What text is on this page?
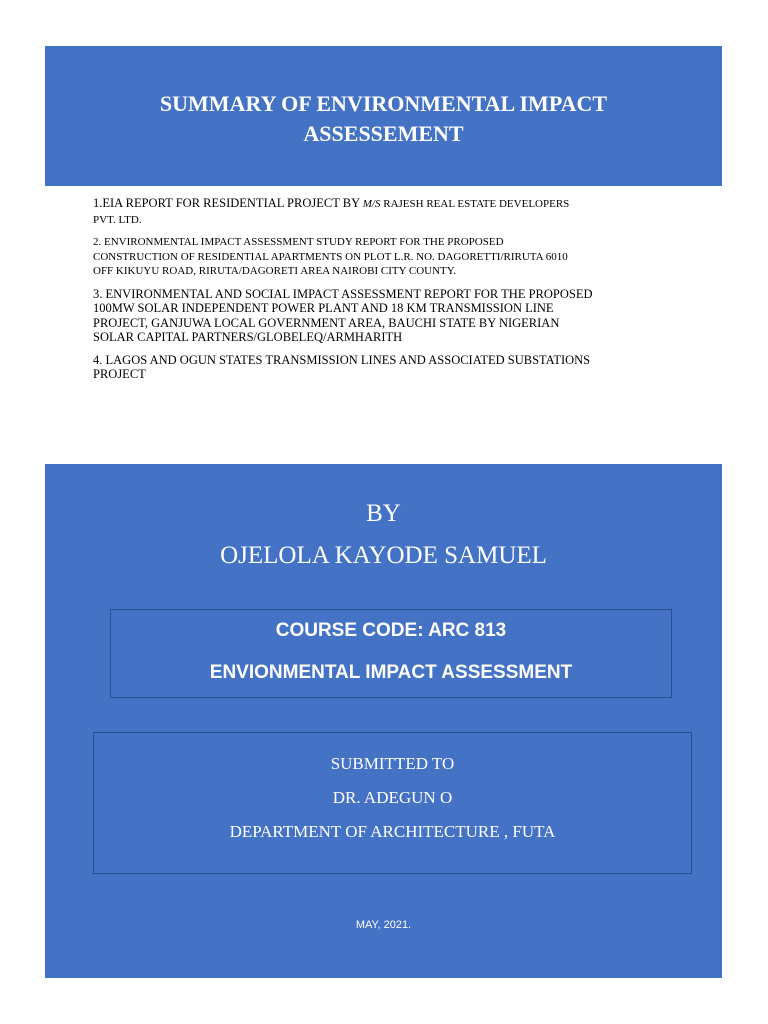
SUMMARY OF ENVIRONMENTAL IMPACT
ASSESSEMENT

1.EIA REPORT FOR RESIDENTIAL PROJECT BY M/S RAJESH REAL ESTATE DEVELOPERS
PVT. LTD.

2. ENVIRONMENTAL IMPACT ASSESSMENT STUDY REPORT FOR THE PROPOSED
CONSTRUCTION OF RESIDENTIAL APARTMENTS ON PLOT L.R. NO. DAGORETTI/RIRUTA 6010
OFF KIKUYU ROAD, RIRUTA/DAGORETI AREA NAIROBI CITY COUNTY.

3. ENVIRONMENTAL AND SOCIAL IMPACT ASSESSMENT REPORT FOR THE PROPOSED
100MW SOLAR INDEPENDENT POWER PLANT AND 18 KM TRANSMISSION LINE
PROJECT, GANJUWA LOCAL GOVERNMENT AREA, BAUCHI STATE BY NIGERIAN
SOLAR CAPITAL PARTNERS/GLOBELEQ/ARMHARITH

4. LAGOS AND OGUN STATES TRANSMISSION LINES AND ASSOCIATED SUBSTATIONS
PROJECT

BY
OJELOLA KAYODE SAMUEL
COURSE CODE: ARC 813
ENVIONMENTAL IMPACT ASSESSMENT
SUBMITTED TO
DR. ADEGUN O
DEPARTMENT OF ARCHITECTURE , FUTA
MAY, 2021.
